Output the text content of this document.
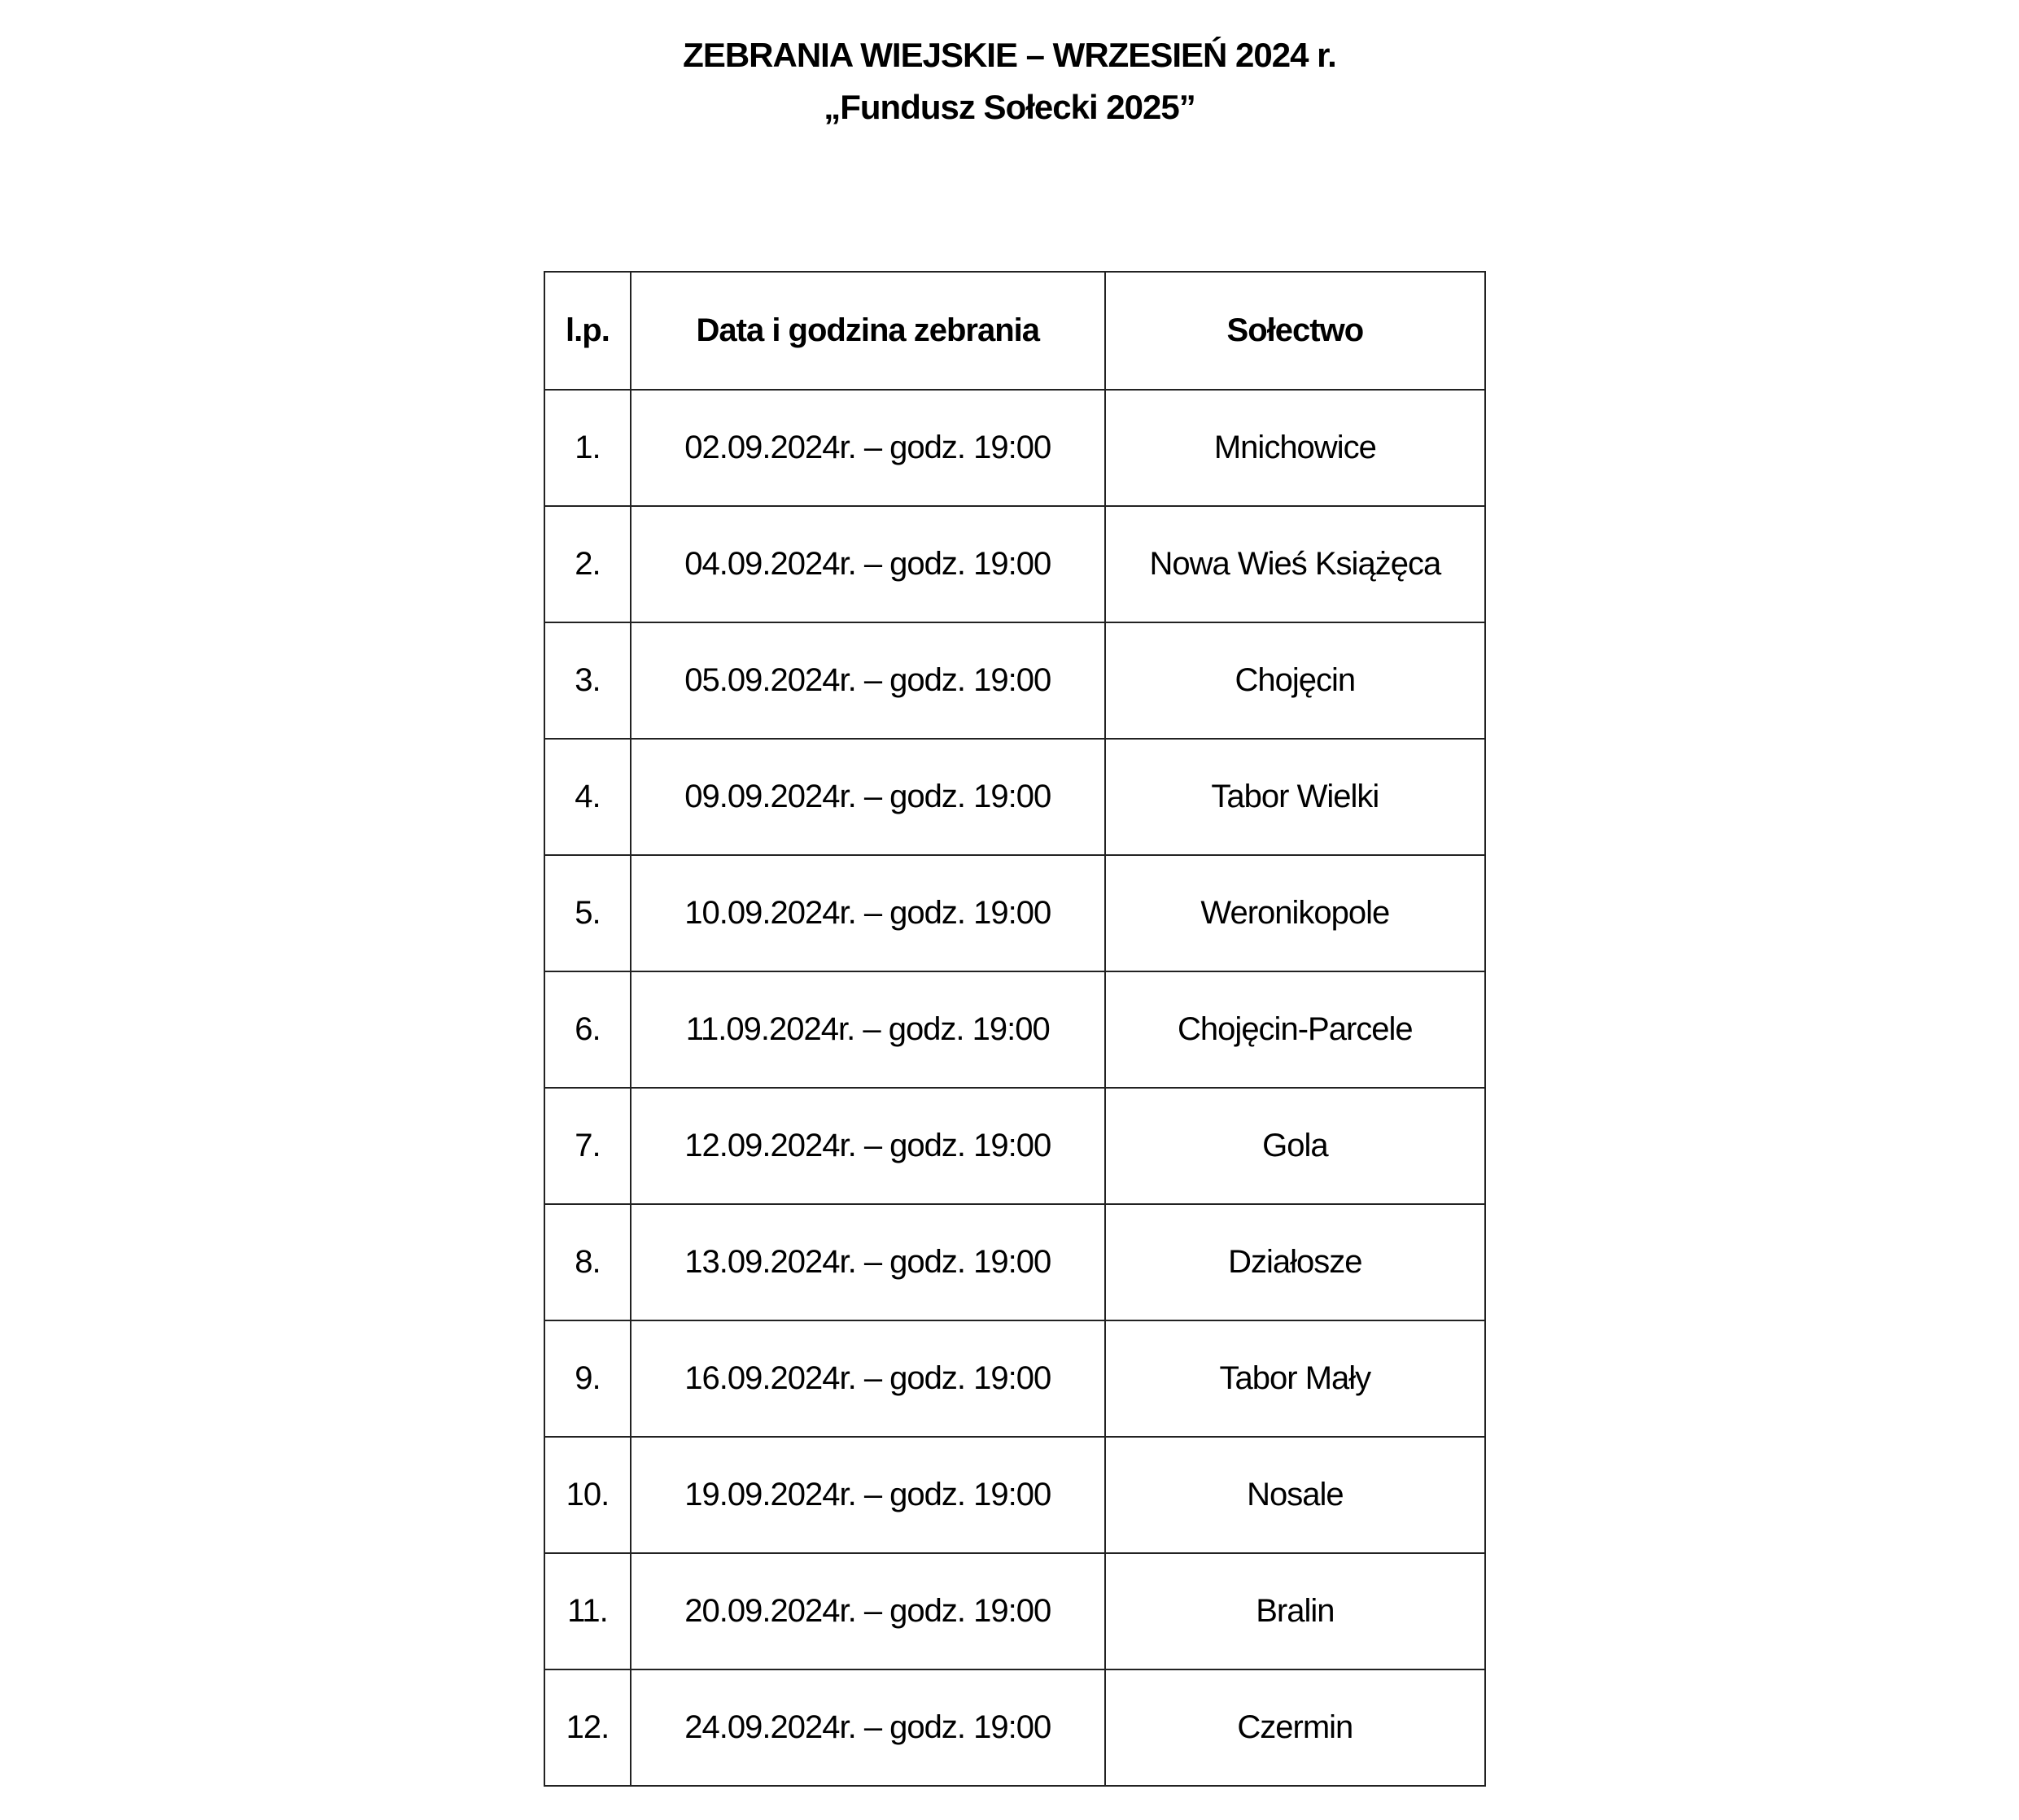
ZEBRANIA WIEJSKIE – WRZESIEŃ 2024 r.
„Fundusz Sołecki 2025”
l.p.	Data i godzina zebrania	Sołectwo
1.	02.09.2024r. – godz. 19:00	Mnichowice
2.	04.09.2024r. – godz. 19:00	Nowa Wieś Książęca
3.	05.09.2024r. – godz. 19:00	Chojęcin
4.	09.09.2024r. – godz. 19:00	Tabor Wielki
5.	10.09.2024r. – godz. 19:00	Weronikopole
6.	11.09.2024r. – godz. 19:00	Chojęcin-Parcele
7.	12.09.2024r. – godz. 19:00	Gola
8.	13.09.2024r. – godz. 19:00	Działosze
9.	16.09.2024r. – godz. 19:00	Tabor Mały
10.	19.09.2024r. – godz. 19:00	Nosale
11.	20.09.2024r. – godz. 19:00	Bralin
12.	24.09.2024r. – godz. 19:00	Czermin
